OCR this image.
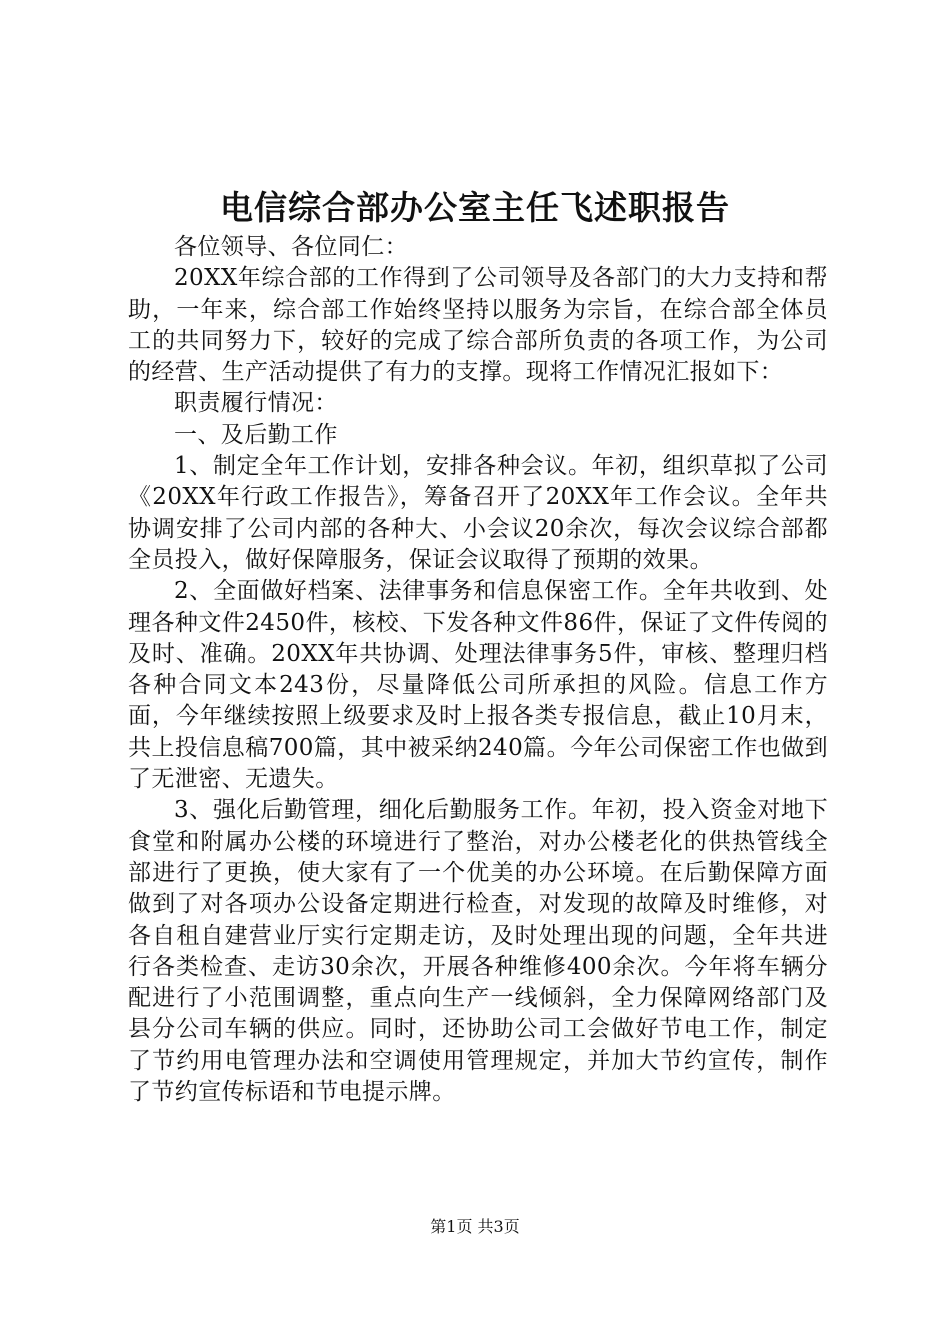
电信综合部办公室主任飞述职报告

各位领导、各位同仁：

20XX年综合部的工作得到了公司领导及各部门的大力支持和帮助，一年来，综合部工作始终坚持以服务为宗旨，在综合部全体员工的共同努力下，较好的完成了综合部所负责的各项工作，为公司的经营、生产活动提供了有力的支撑。现将工作情况汇报如下：

职责履行情况：

一、及后勤工作

1、制定全年工作计划，安排各种会议。年初，组织草拟了公司《20XX年行政工作报告》，筹备召开了20XX年工作会议。全年共协调安排了公司内部的各种大、小会议20余次，每次会议综合部都全员投入，做好保障服务，保证会议取得了预期的效果。

2、全面做好档案、法律事务和信息保密工作。全年共收到、处理各种文件2450件，核校、下发各种文件86件，保证了文件传阅的及时、准确。20XX年共协调、处理法律事务5件，审核、整理归档各种合同文本243份，尽量降低公司所承担的风险。信息工作方面，今年继续按照上级要求及时上报各类专报信息，截止10月末，共上投信息稿700篇，其中被采纳240篇。今年公司保密工作也做到了无泄密、无遗失。

3、强化后勤管理，细化后勤服务工作。年初，投入资金对地下食堂和附属办公楼的环境进行了整治，对办公楼老化的供热管线全部进行了更换，使大家有了一个优美的办公环境。在后勤保障方面做到了对各项办公设备定期进行检查，对发现的故障及时维修，对各自租自建营业厅实行定期走访，及时处理出现的问题，全年共进行各类检查、走访30余次，开展各种维修400余次。今年将车辆分配进行了小范围调整，重点向生产一线倾斜，全力保障网络部门及县分公司车辆的供应。同时，还协助公司工会做好节电工作，制定了节约用电管理办法和空调使用管理规定，并加大节约宣传，制作了节约宣传标语和节电提示牌。

第1页 共3页
